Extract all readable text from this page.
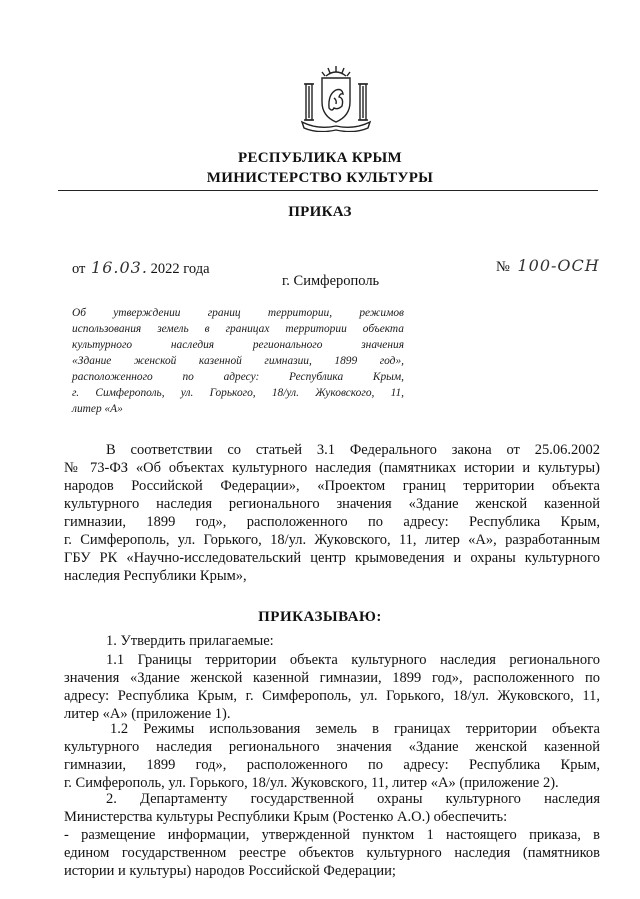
РЕСПУБЛИКА КРЫМ
МИНИСТЕРСТВО КУЛЬТУРЫ
ПРИКАЗ
от 16.03. 2022 года	№ 100-ОСН
г. Симферополь
Об утверждении границ территории, режимов
использования земель в границах территории объекта
культурного наследия регионального значения
«Здание женской казенной гимназии, 1899 год»,
расположенного по адресу: Республика Крым,
г. Симферополь, ул. Горького, 18/ул. Жуковского, 11,
литер «А»
В соответствии со статьей 3.1 Федерального закона от 25.06.2002
№ 73-ФЗ «Об объектах культурного наследия (памятниках истории и культуры)
народов Российской Федерации», «Проектом границ территории объекта
культурного наследия регионального значения «Здание женской казенной
гимназии, 1899 год», расположенного по адресу: Республика Крым,
г. Симферополь, ул. Горького, 18/ул. Жуковского, 11, литер «А», разработанным
ГБУ РК «Научно-исследовательский центр крымоведения и охраны культурного
наследия Республики Крым»,
ПРИКАЗЫВАЮ:
1. Утвердить прилагаемые:
1.1 Границы территории объекта культурного наследия регионального
значения «Здание женской казенной гимназии, 1899 год», расположенного по
адресу: Республика Крым, г. Симферополь, ул. Горького, 18/ул. Жуковского, 11,
литер «А» (приложение 1).
1.2 Режимы использования земель в границах территории объекта
культурного наследия регионального значения «Здание женской казенной
гимназии, 1899 год», расположенного по адресу: Республика Крым,
г. Симферополь, ул. Горького, 18/ул. Жуковского, 11, литер «А» (приложение 2).
2. Департаменту государственной охраны культурного наследия
Министерства культуры Республики Крым (Ростенко А.О.) обеспечить:
- размещение информации, утвержденной пунктом 1 настоящего приказа, в
едином государственном реестре объектов культурного наследия (памятников
истории и культуры) народов Российской Федерации;
